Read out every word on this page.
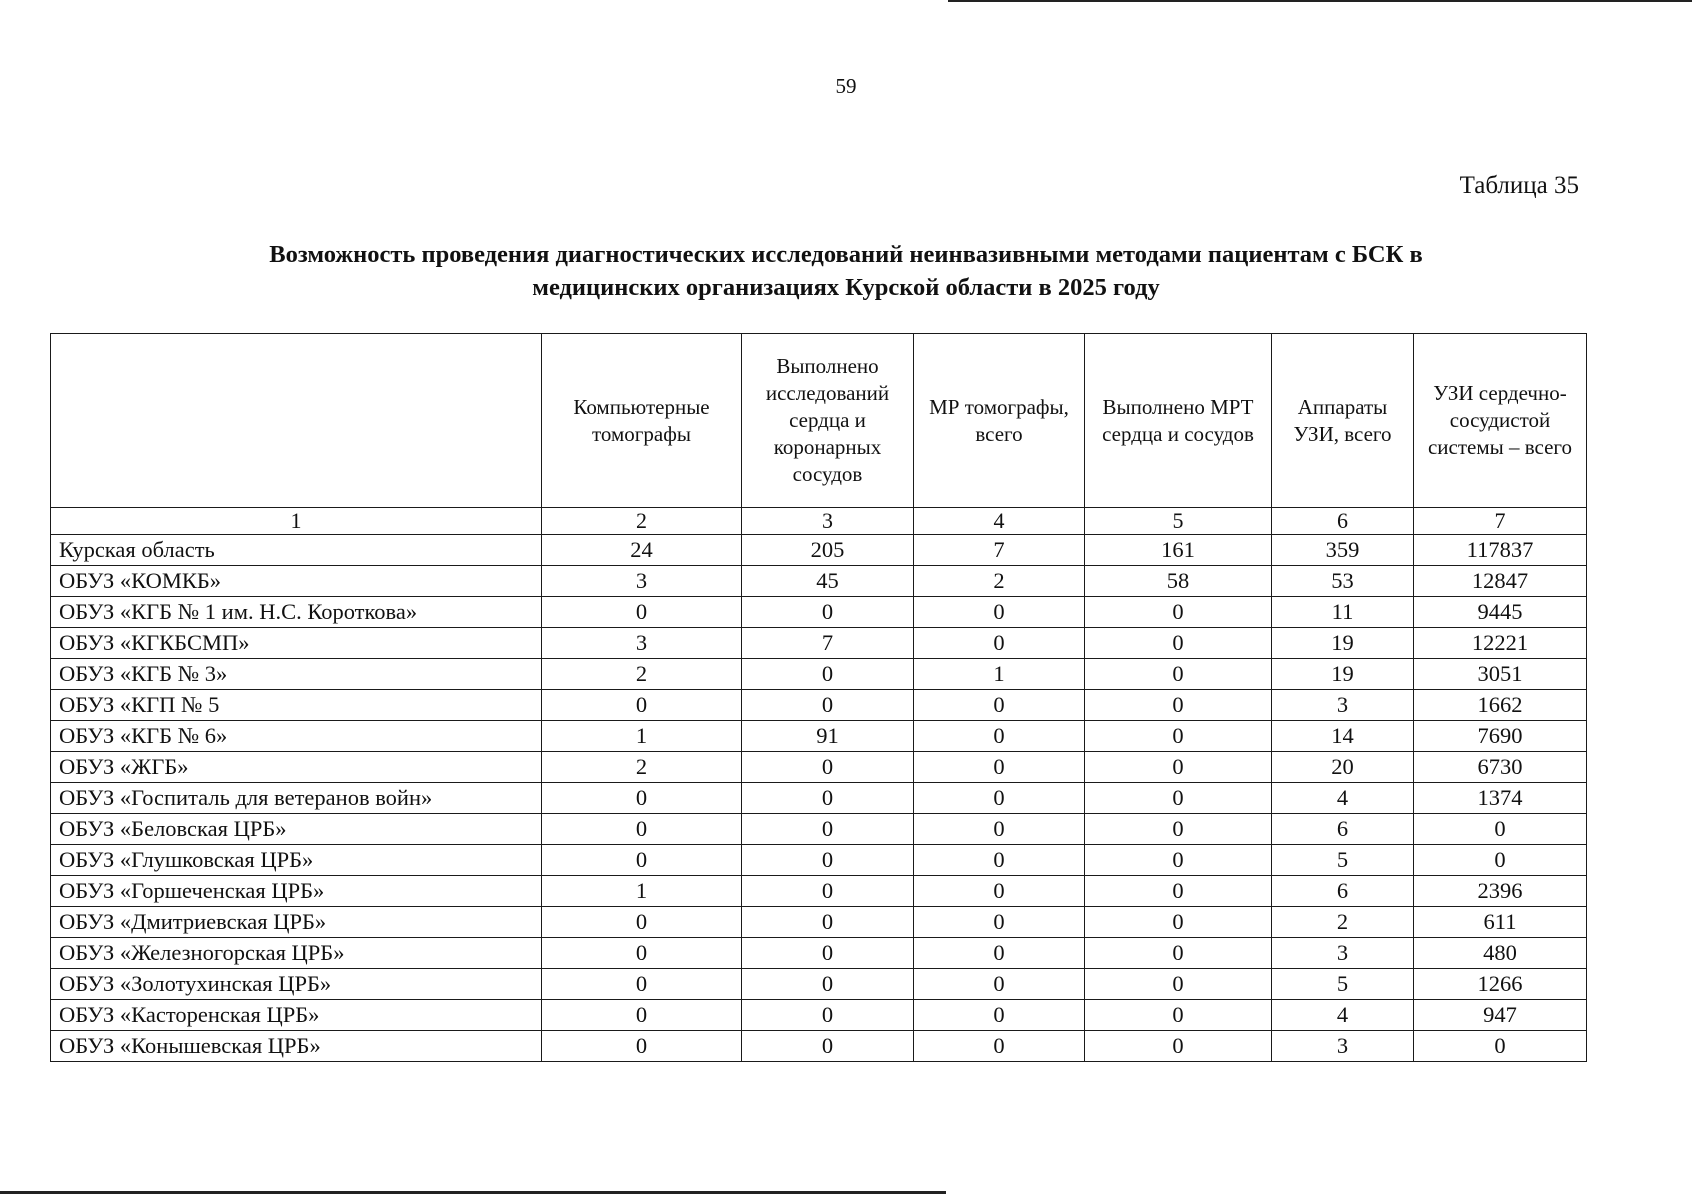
59
Таблица 35
Возможность проведения диагностических исследований неинвазивными методами пациентам с БСК в
медицинских организациях Курской области в 2025 году
	Компьютерные томографы	Выполнено исследований сердца и коронарных сосудов	МР томографы, всего	Выполнено МРТ сердца и сосудов	Аппараты УЗИ, всего	УЗИ сердечно-сосудистой системы – всего
1	2	3	4	5	6	7
Курская область	24	205	7	161	359	117837
ОБУЗ «КОМКБ»	3	45	2	58	53	12847
ОБУЗ «КГБ № 1 им. Н.С. Короткова»	0	0	0	0	11	9445
ОБУЗ «КГКБСМП»	3	7	0	0	19	12221
ОБУЗ «КГБ № 3»	2	0	1	0	19	3051
ОБУЗ «КГП № 5	0	0	0	0	3	1662
ОБУЗ «КГБ № 6»	1	91	0	0	14	7690
ОБУЗ «ЖГБ»	2	0	0	0	20	6730
ОБУЗ «Госпиталь для ветеранов войн»	0	0	0	0	4	1374
ОБУЗ «Беловская ЦРБ»	0	0	0	0	6	0
ОБУЗ «Глушковская ЦРБ»	0	0	0	0	5	0
ОБУЗ «Горшеченская ЦРБ»	1	0	0	0	6	2396
ОБУЗ «Дмитриевская ЦРБ»	0	0	0	0	2	611
ОБУЗ «Железногорская ЦРБ»	0	0	0	0	3	480
ОБУЗ «Золотухинская ЦРБ»	0	0	0	0	5	1266
ОБУЗ «Касторенская ЦРБ»	0	0	0	0	4	947
ОБУЗ «Конышевская ЦРБ»	0	0	0	0	3	0
